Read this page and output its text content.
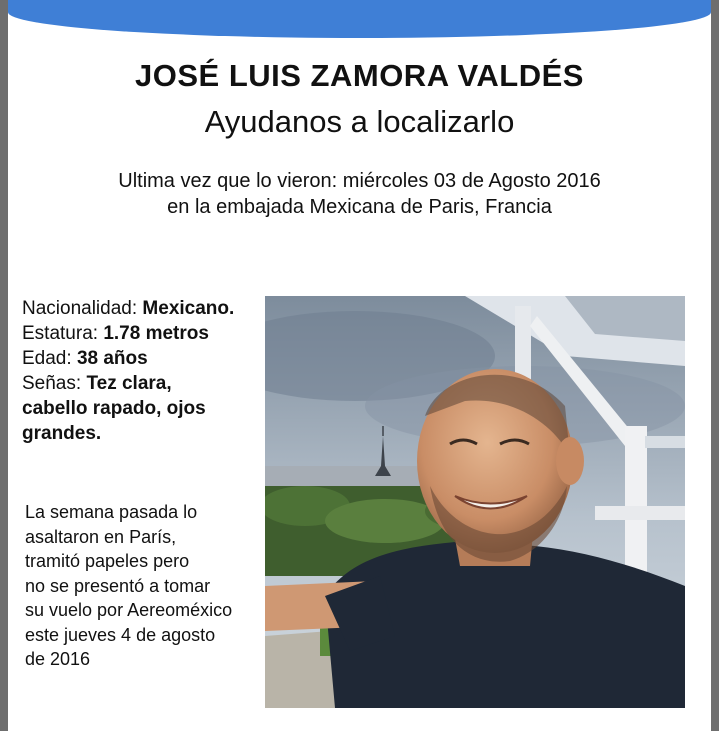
JOSÉ LUIS ZAMORA VALDÉS
Ayudanos a localizarlo
Ultima vez que lo vieron: miércoles 03 de Agosto 2016
en la embajada Mexicana de Paris, Francia
Nacionalidad: Mexicano.
Estatura: 1.78 metros
Edad: 38 años
Señas: Tez clara,
cabello rapado, ojos
grandes.
La semana pasada lo
asaltaron en París,
tramitó papeles pero
no se presentó a tomar
su vuelo por Aereoméxico
este jueves 4 de agosto
de 2016
